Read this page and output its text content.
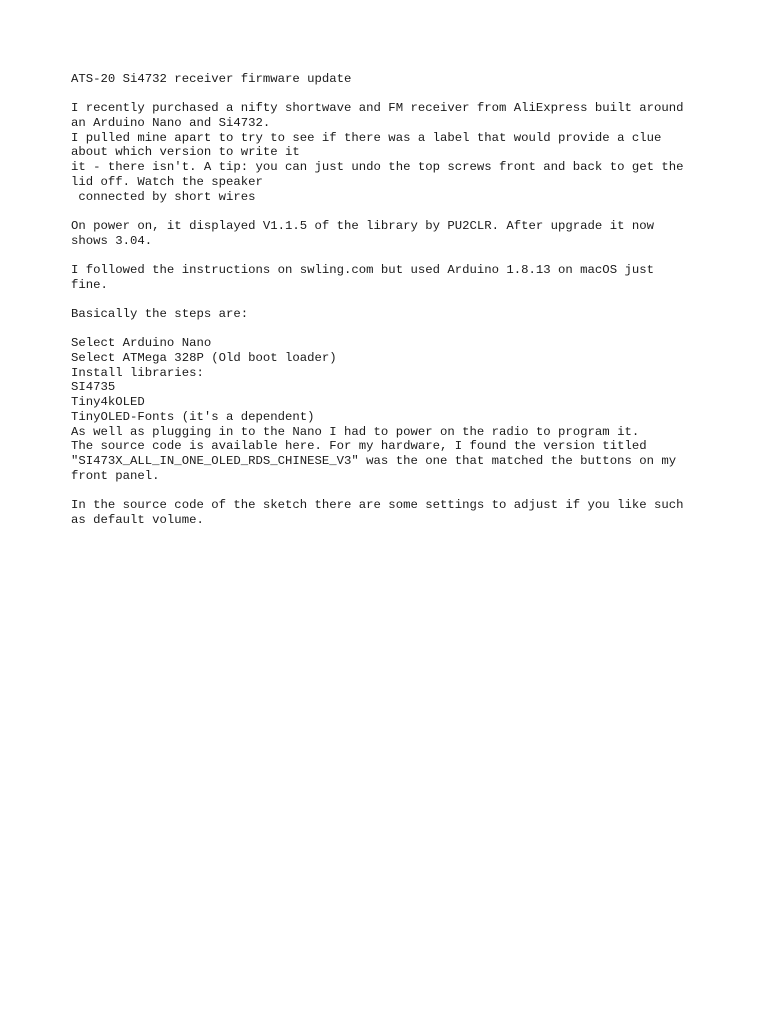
ATS-20 Si4732 receiver firmware update
I recently purchased a nifty shortwave and FM receiver from AliExpress built around
an Arduino Nano and Si4732.
I pulled mine apart to try to see if there was a label that would provide a clue
about which version to write it
it - there isn't. A tip: you can just undo the top screws front and back to get the
lid off. Watch the speaker
connected by short wires
On power on, it displayed V1.1.5 of the library by PU2CLR. After upgrade it now
shows 3.04.
I followed the instructions on swling.com but used Arduino 1.8.13 on macOS just
fine.
Basically the steps are:
Select Arduino Nano
Select ATMega 328P (Old boot loader)
Install libraries:
SI4735
Tiny4kOLED
TinyOLED-Fonts (it's a dependent)
As well as plugging in to the Nano I had to power on the radio to program it.
The source code is available here. For my hardware, I found the version titled
"SI473X_ALL_IN_ONE_OLED_RDS_CHINESE_V3" was the one that matched the buttons on my
front panel.
In the source code of the sketch there are some settings to adjust if you like such
as default volume.
